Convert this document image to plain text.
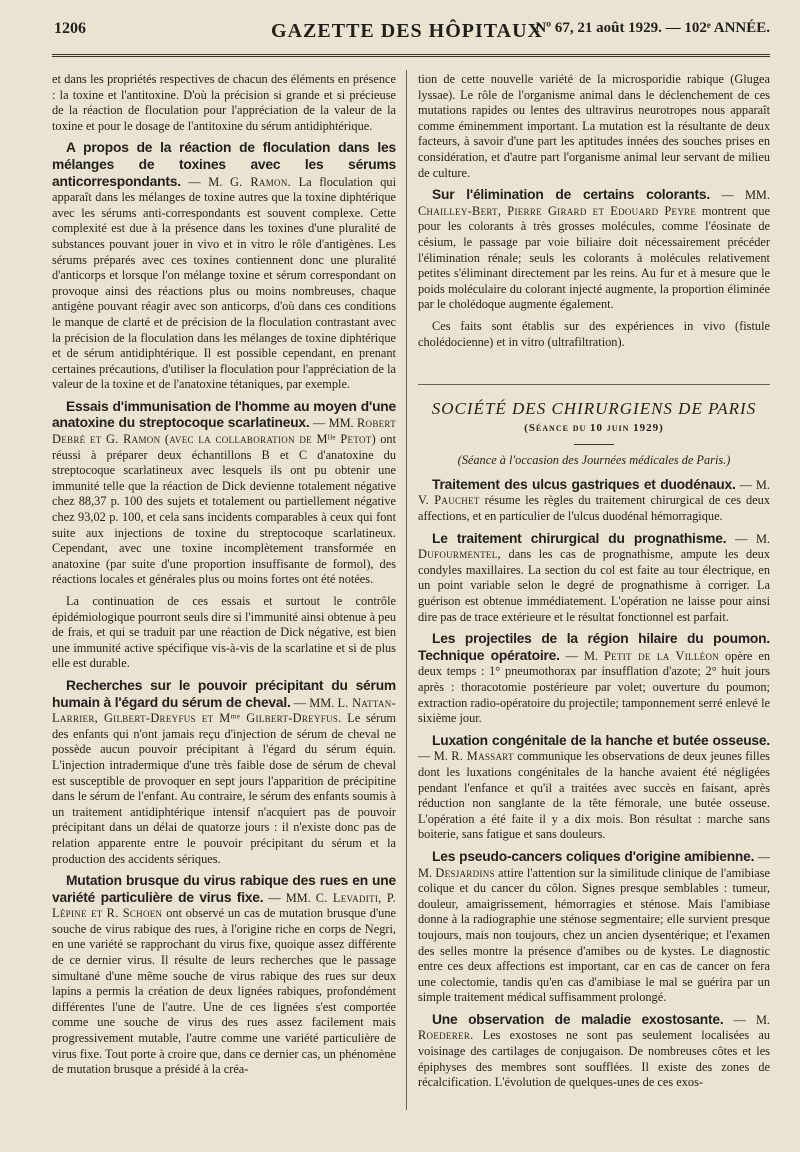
1206	GAZETTE DES HÔPITAUX
Nº 67, 21 août 1929. — 102ᵉ ANNÉE.

et dans les propriétés respectives de chacun des éléments en présence : la toxine et l'antitoxine. D'où la précision si grande et si précieuse de la réaction de floculation pour l'appréciation de la valeur de la toxine et pour le dosage de l'antitoxine du sérum antidiphtérique.

A propos de la réaction de floculation dans les mélanges de toxines avec les sérums anticorrespondants. — M. G. Ramon. La floculation qui apparaît dans les mélanges de toxine autres que la toxine diphtérique avec les sérums anti-correspondants est souvent complexe. Cette complexité est due à la présence dans les toxines d'une pluralité de substances pouvant jouer in vivo et in vitro le rôle d'antigènes. Les sérums préparés avec ces toxines contiennent donc une pluralité d'anticorps et lorsque l'on mélange toxine et sérum correspondant on provoque ainsi des réactions plus ou moins nombreuses, chaque antigène pouvant réagir avec son anticorps, d'où dans ces conditions le manque de clarté et de précision de la floculation contrastant avec la précision de la floculation dans les mélanges de toxine diphtérique et de sérum antidiphtérique. Il est possible cependant, en prenant certaines précautions, d'utiliser la floculation pour l'appréciation de la valeur de la toxine et de l'anatoxine tétaniques, par exemple.

Essais d'immunisation de l'homme au moyen d'une anatoxine du streptocoque scarlatineux. — MM. Robert Debré et G. Ramon (avec la collaboration de Mˡˡᵉ Petot) ont réussi à préparer deux échantillons B et C d'anatoxine du streptocoque scarlatineux avec lesquels ils ont pu obtenir une immunité telle que la réaction de Dick devienne totalement négative chez 88,37 p. 100 des sujets et totalement ou partiellement négative chez 93,02 p. 100, et cela sans incidents comparables à ceux qui font suite aux injections de toxine du streptocoque scarlatineux. Cependant, avec une toxine incomplètement transformée en anatoxine (par suite d'une proportion insuffisante de formol), des réactions locales et générales plus ou moins fortes ont été notées.

La continuation de ces essais et surtout le contrôle épidémiologique pourront seuls dire si l'immunité ainsi obtenue à peu de frais, et qui se traduit par une réaction de Dick négative, est bien une immunité active spécifique vis-à-vis de la scarlatine et si de plus elle est durable.

Recherches sur le pouvoir précipitant du sérum humain à l'égard du sérum de cheval. — MM. L. Nattan-Larrier, Gilbert-Dreyfus et Mᵐᵉ Gilbert-Dreyfus. Le sérum des enfants qui n'ont jamais reçu d'injection de sérum de cheval ne possède aucun pouvoir précipitant à l'égard du sérum équin. L'injection intradermique d'une très faible dose de sérum de cheval est susceptible de provoquer en sept jours l'apparition de précipitine dans le sérum de l'enfant. Au contraire, le sérum des enfants soumis à un traitement antidiphtérique intensif n'acquiert pas de pouvoir précipitant dans un délai de quatorze jours : il n'existe donc pas de relation apparente entre le pouvoir précipitant du sérum et la production des accidents sériques.

Mutation brusque du virus rabique des rues en une variété particulière de virus fixe. — MM. C. Levaditi, P. Lépine et R. Schoen ont observé un cas de mutation brusque d'une souche de virus rabique des rues, à l'origine riche en corps de Negri, en une variété se rapprochant du virus fixe, quoique assez différente de ce dernier virus. Il résulte de leurs recherches que le passage simultané d'une même souche de virus rabique des rues sur deux lapins a permis la création de deux lignées rabiques, profondément différentes l'une de l'autre. Une de ces lignées s'est comportée comme une souche de virus des rues assez facilement mais progressivement mutable, l'autre comme une variété particulière de virus fixe. Tout porte à croire que, dans ce dernier cas, un phénomène de mutation brusque a présidé à la créa-

tion de cette nouvelle variété de la microsporidie rabique (Glugea lyssae). Le rôle de l'organisme animal dans le déclenchement de ces mutations rapides ou lentes des ultravirus neurotropes nous apparaît comme éminemment important. La mutation est la résultante de deux facteurs, à savoir d'une part les aptitudes innées des souches prises en considération, et d'autre part l'organisme animal leur servant de milieu de culture.

Sur l'élimination de certains colorants. — MM. Chailley-Bert, Pierre Girard et Edouard Peyre montrent que pour les colorants à très grosses molécules, comme l'éosinate de césium, le passage par voie biliaire doit nécessairement précéder l'élimination rénale; seuls les colorants à molécules relativement petites s'éliminant directement par les reins. Au fur et à mesure que le poids moléculaire du colorant injecté augmente, la proportion éliminée par le cholédoque augmente également.

Ces faits sont établis sur des expériences in vivo (fistule cholédocienne) et in vitro (ultrafiltration).

SOCIÉTÉ DES CHIRURGIENS DE PARIS
(Séance du 10 juin 1929)

(Séance à l'occasion des Journées médicales de Paris.)

Traitement des ulcus gastriques et duodénaux. — M. V. Pauchet résume les règles du traitement chirurgical de ces deux affections, et en particulier de l'ulcus duodénal hémorragique.

Le traitement chirurgical du prognathisme. — M. Dufourmentel, dans les cas de prognathisme, ampute les deux condyles maxillaires. La section du col est faite au tour électrique, en un point variable selon le degré de prognathisme à corriger. La guérison est obtenue immédiatement. L'opération ne laisse pour ainsi dire pas de trace extérieure et le résultat fonctionnel est parfait.

Les projectiles de la région hilaire du poumon. Technique opératoire. — M. Petit de la Villéon opère en deux temps : 1° pneumothorax par insufflation d'azote; 2° huit jours après : thoracotomie postérieure par volet; ouverture du poumon; extraction radio-opératoire du projectile; tamponnement serré enlevé le sixième jour.

Luxation congénitale de la hanche et butée osseuse. — M. R. Massart communique les observations de deux jeunes filles dont les luxations congénitales de la hanche avaient été négligées pendant l'enfance et qu'il a traitées avec succès en faisant, après réduction non sanglante de la tête fémorale, une butée osseuse. L'opération a été faite il y a dix mois. Bon résultat : marche sans boiterie, sans fatigue et sans douleurs.

Les pseudo-cancers coliques d'origine amibienne. — M. Desjardins attire l'attention sur la similitude clinique de l'amibiase colique et du cancer du côlon. Signes presque semblables : tumeur, douleur, amaigrissement, hémorragies et sténose. Mais l'amibiase donne à la radiographie une sténose segmentaire; elle survient presque toujours, mais non toujours, chez un ancien dysentérique; et l'examen des selles montre la présence d'amibes ou de kystes. Le diagnostic entre ces deux affections est important, car en cas de cancer on fera une colectomie, tandis qu'en cas d'amibiase le mal se guérira par un simple traitement médical suffisamment prolongé.

Une observation de maladie exostosante. — M. Roederer. Les exostoses ne sont pas seulement localisées au voisinage des cartilages de conjugaison. De nombreuses côtes et les épiphyses des membres sont soufflées. Il existe des zones de récalcification. L'évolution de quelques-unes de ces exos-
